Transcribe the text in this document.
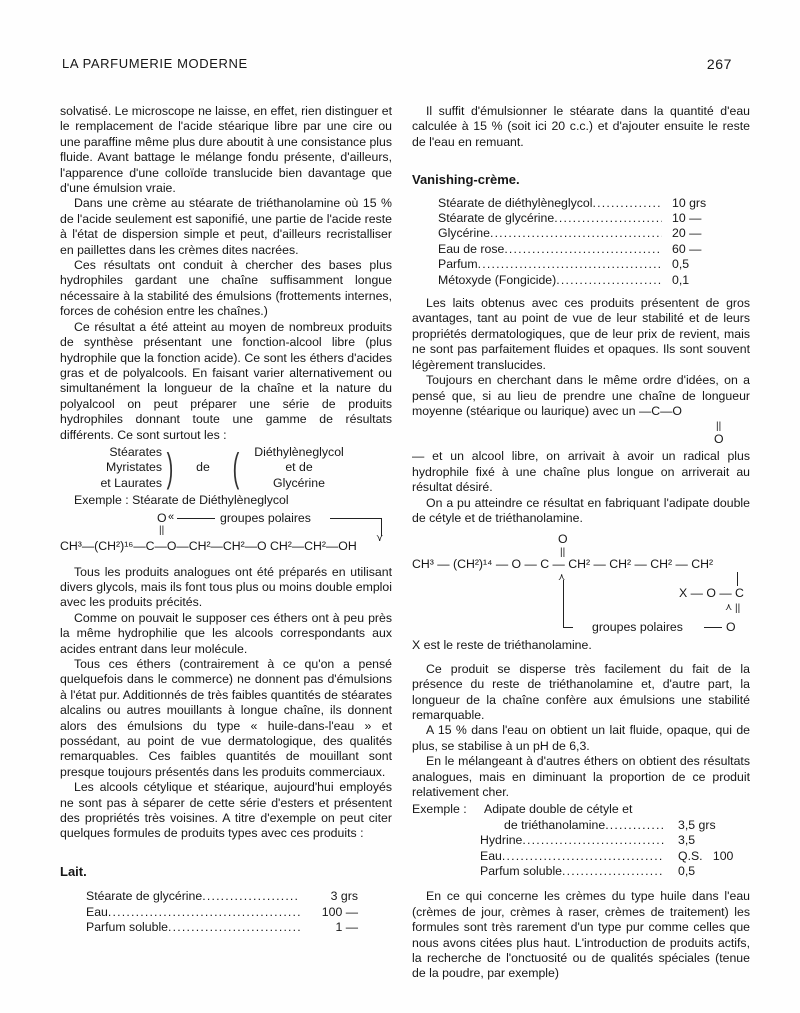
LA PARFUMERIE MODERNE	267

solvatisé. Le microscope ne laisse, en effet, rien distinguer et le remplacement de l'acide stéarique libre par une cire ou une paraffine même plus dure aboutit à une consistance plus fluide. Avant battage le mélange fondu présente, d'ailleurs, l'apparence d'une colloïde translucide bien davantage que d'une émulsion vraie.

Dans une crème au stéarate de triéthanolamine où 15 % de l'acide seulement est saponifié, une partie de l'acide reste à l'état de dispersion simple et peut, d'ailleurs recristalliser en paillettes dans les crèmes dites nacrées.

Ces résultats ont conduit à chercher des bases plus hydrophiles gardant une chaîne suffisamment longue nécessaire à la stabilité des émulsions (frottements internes, forces de cohésion entre les chaînes.)

Ce résultat a été atteint au moyen de nombreux produits de synthèse présentant une fonction-alcool libre (plus hydrophile que la fonction acide). Ce sont les éthers d'acides gras et de polyalcools. En faisant varier alternativement ou simultanément la longueur de la chaîne et la nature du polyalcool on peut préparer une série de produits hydrophiles donnant toute une gamme de résultats différents. Ce sont surtout les :

Stéarates
Myristates
et Laurates )	de (	Diéthylèneglycol
et de
Glycérine

Exemple : Stéarate de Diéthylèneglycol

O «	groupes polaires
||
⋎
CH³—(CH²)¹⁶—C—O—CH²—CH²—O CH²—CH²—OH

Tous les produits analogues ont été préparés en utilisant divers glycols, mais ils font tous plus ou moins double emploi avec les produits précités.

Comme on pouvait le supposer ces éthers ont à peu près la même hydrophilie que les alcools correspondants aux acides entrant dans leur molécule.

Tous ces éthers (contrairement à ce qu'on a pensé quelquefois dans le commerce) ne donnent pas d'émulsions à l'état pur. Additionnés de très faibles quantités de stéarates alcalins ou autres mouillants à longue chaîne, ils donnent alors des émulsions du type « huile-dans-l'eau » et possédant, au point de vue dermatologique, des qualités remarquables. Ces faibles quantités de mouillant sont presque toujours présentés dans les produits commerciaux.

Les alcools cétylique et stéarique, aujourd'hui employés ne sont pas à séparer de cette série d'esters et présentent des propriétés très voisines. A titre d'exemple on peut citer quelques formules de produits types avec ces produits :

Lait.
Stéarate de glycérine .....	3 grs
Eau .....	100 —
Parfum soluble .....	1 —

Il suffit d'émulsionner le stéarate dans la quantité d'eau calculée à 15 % (soit ici 20 c.c.) et d'ajouter ensuite le reste de l'eau en remuant.

Vanishing-crème.
Stéarate de diéthylèneglycol .....	10 grs
Stéarate de glycérine .....	10 —
Glycérine .....	20 —
Eau de rose .....	60 —
Parfum .....	0,5
Métoxyde (Fongicide) .....	0,1

Les laits obtenus avec ces produits présentent de gros avantages, tant au point de vue de leur stabilité et de leurs propriétés dermatologiques, que de leur prix de revient, mais ne sont pas parfaitement fluides et opaques. Ils sont souvent légèrement translucides.

Toujours en cherchant dans le même ordre d'idées, on a pensé que, si au lieu de prendre une chaîne de longueur moyenne (stéarique ou laurique) avec un —C—O

||
O

— et un alcool libre, on arrivait à avoir un radical plus hydrophile fixé à une chaîne plus longue on arriverait au résultat désiré.

On a pu atteindre ce résultat en fabriquant l'adipate double de cétyle et de triéthanolamine.

O
||
CH³ — (CH²)¹⁴ — O — C — CH² — CH² — CH² — CH²
⋏
X — O — C
⋏ ||
groupes polaires	O

X est le reste de triéthanolamine.

Ce produit se disperse très facilement du fait de la présence du reste de triéthanolamine et, d'autre part, la longueur de la chaîne confère aux émulsions une stabilité remarquable.

A 15 % dans l'eau on obtient un lait fluide, opaque, qui de plus, se stabilise à un pH de 6,3.

En le mélangeant à d'autres éthers on obtient des résultats analogues, mais en diminuant la proportion de ce produit relativement cher.

Exemple : Adipate double de cétyle et
de triéthanolamine .....	3,5 grs
Hydrine .....	3,5
Eau .....	Q.S.   100
Parfum soluble .....	0,5

En ce qui concerne les crèmes du type huile dans l'eau (crèmes de jour, crèmes à raser, crèmes de traitement) les formules sont très rarement d'un type pur comme celles que nous avons citées plus haut. L'introduction de produits actifs, la recherche de l'onctuosité ou de qualités spéciales (tenue de la poudre, par exemple)
